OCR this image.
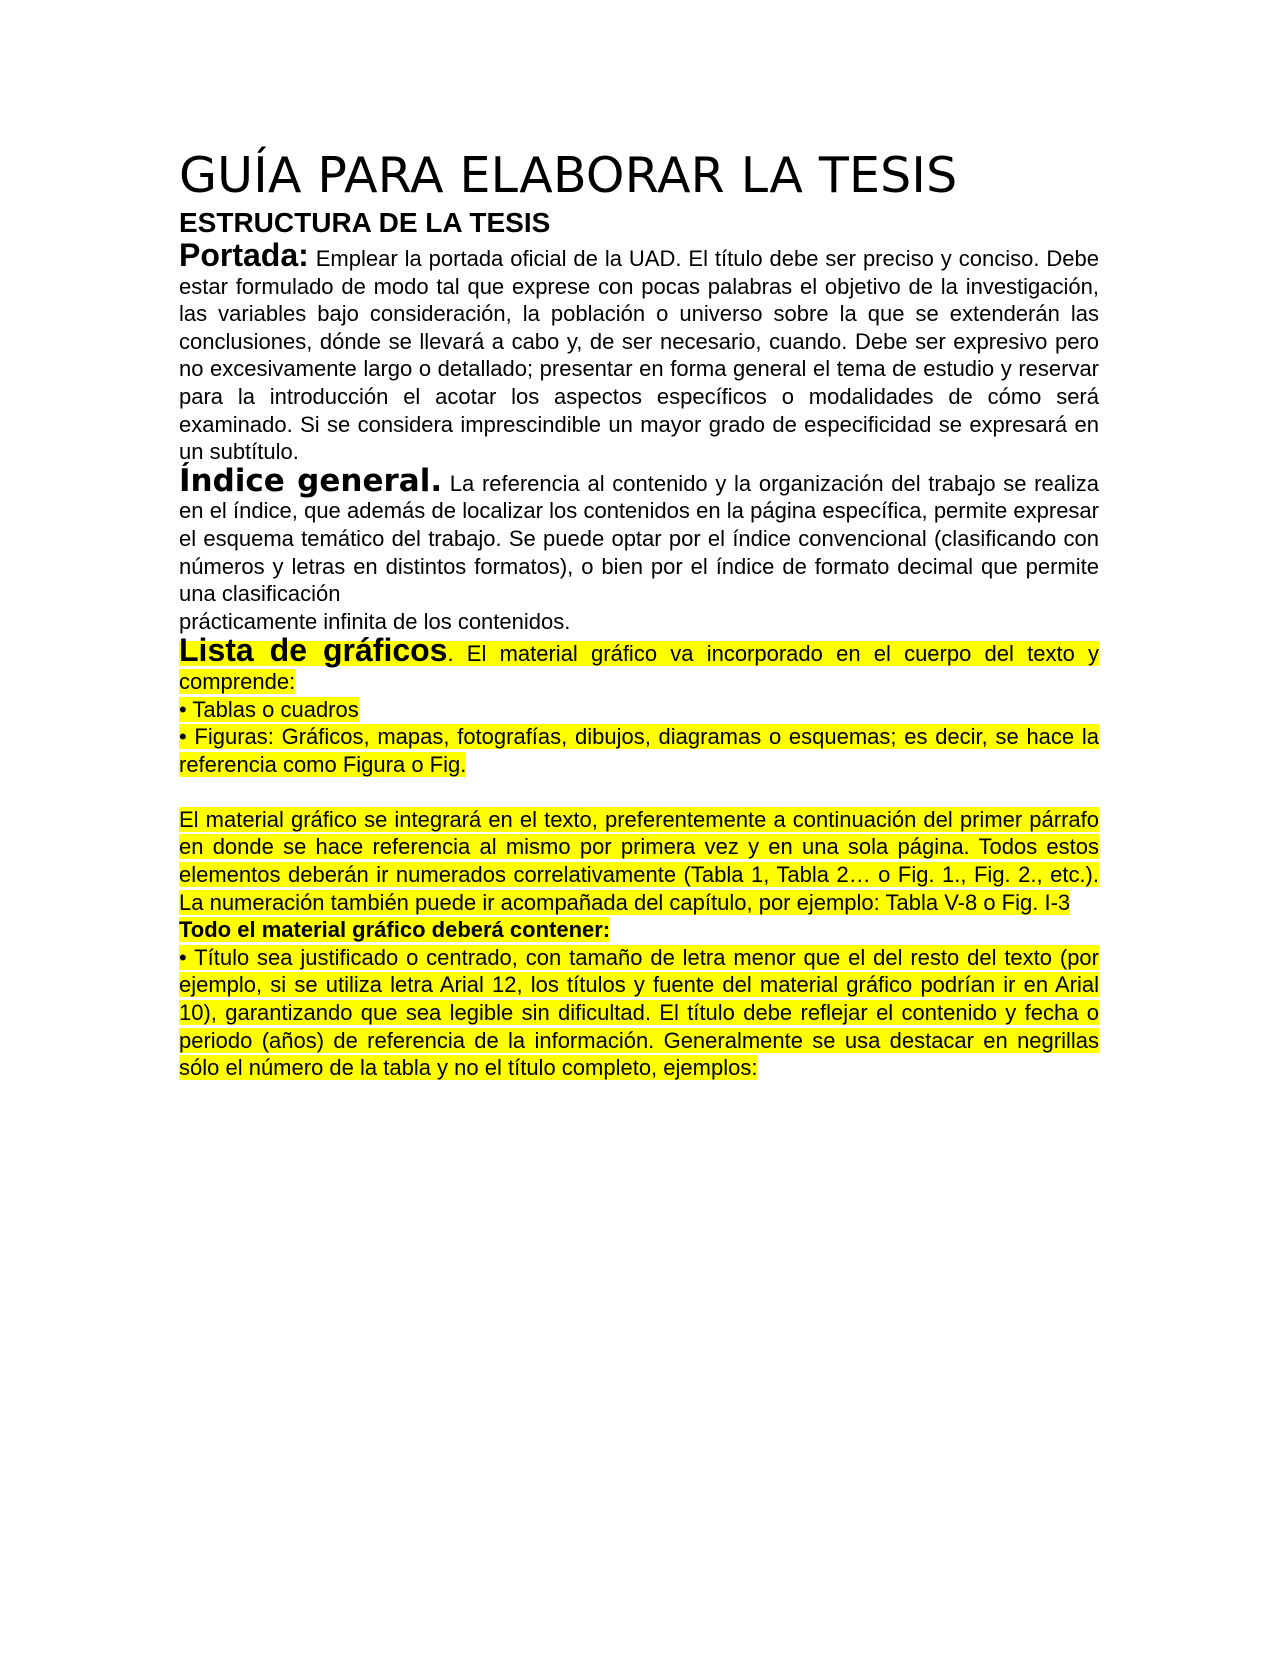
GUÍA PARA ELABORAR LA TESIS
ESTRUCTURA DE LA TESIS

Portada: Emplear la portada oficial de la UAD. El título debe ser preciso y conciso. Debe estar formulado de modo tal que exprese con pocas palabras el objetivo de la investigación, las variables bajo consideración, la población o universo sobre la que se extenderán las conclusiones, dónde se llevará a cabo y, de ser necesario, cuando. Debe ser expresivo pero no excesivamente largo o detallado; presentar en forma general el tema de estudio y reservar para la introducción el acotar los aspectos específicos o modalidades de cómo será examinado. Si se considera imprescindible un mayor grado de especificidad se expresará en un subtítulo.

Índice general. La referencia al contenido y la organización del trabajo se realiza en el índice, que además de localizar los contenidos en la página específica, permite expresar el esquema temático del trabajo. Se puede optar por el índice convencional (clasificando con números y letras en distintos formatos), o bien por el índice de formato decimal que permite una clasificación

prácticamente infinita de los contenidos.

Lista de gráficos. El material gráfico va incorporado en el cuerpo del texto y comprende:

• Tablas o cuadros

• Figuras: Gráficos, mapas, fotografías, dibujos, diagramas o esquemas; es decir, se hace la referencia como Figura o Fig.

El material gráfico se integrará en el texto, preferentemente a continuación del primer párrafo en donde se hace referencia al mismo por primera vez y en una sola página. Todos estos elementos deberán ir numerados correlativamente (Tabla 1, Tabla 2… o Fig. 1., Fig. 2., etc.). La numeración también puede ir acompañada del capítulo, por ejemplo: Tabla V-8 o Fig. I-3

Todo el material gráfico deberá contener:

• Título sea justificado o centrado, con tamaño de letra menor que el del resto del texto (por ejemplo, si se utiliza letra Arial 12, los títulos y fuente del material gráfico podrían ir en Arial 10), garantizando que sea legible sin dificultad. El título debe reflejar el contenido y fecha o periodo (años) de referencia de la información. Generalmente se usa destacar en negrillas sólo el número de la tabla y no el título completo, ejemplos:
